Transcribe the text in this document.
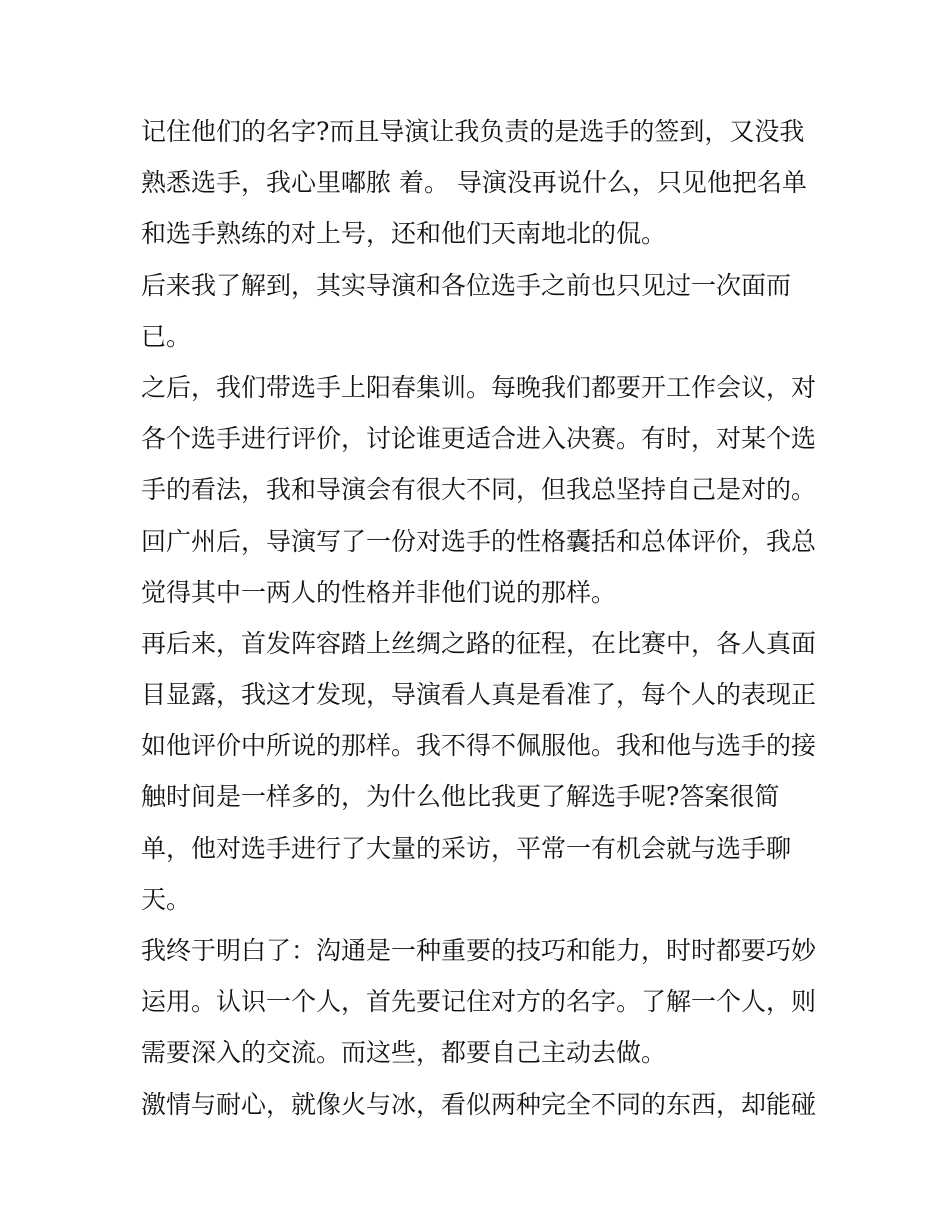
记住他们的名字?而且导演让我负责的是选手的签到，又没我
熟悉选手，我心里嘟脓 着。 导演没再说什么，只见他把名单
和选手熟练的对上号，还和他们天南地北的侃。
后来我了解到，其实导演和各位选手之前也只见过一次面而
已。
之后，我们带选手上阳春集训。每晚我们都要开工作会议，对
各个选手进行评价，讨论谁更适合进入决赛。有时，对某个选
手的看法，我和导演会有很大不同，但我总坚持自己是对的。
回广州后，导演写了一份对选手的性格囊括和总体评价，我总
觉得其中一两人的性格并非他们说的那样。
再后来，首发阵容踏上丝绸之路的征程，在比赛中，各人真面
目显露，我这才发现，导演看人真是看准了，每个人的表现正
如他评价中所说的那样。我不得不佩服他。我和他与选手的接
触时间是一样多的，为什么他比我更了解选手呢?答案很简
单，他对选手进行了大量的采访，平常一有机会就与选手聊
天。
我终于明白了：沟通是一种重要的技巧和能力，时时都要巧妙
运用。认识一个人，首先要记住对方的名字。了解一个人，则
需要深入的交流。而这些，都要自己主动去做。
激情与耐心，就像火与冰，看似两种完全不同的东西，却能碰
